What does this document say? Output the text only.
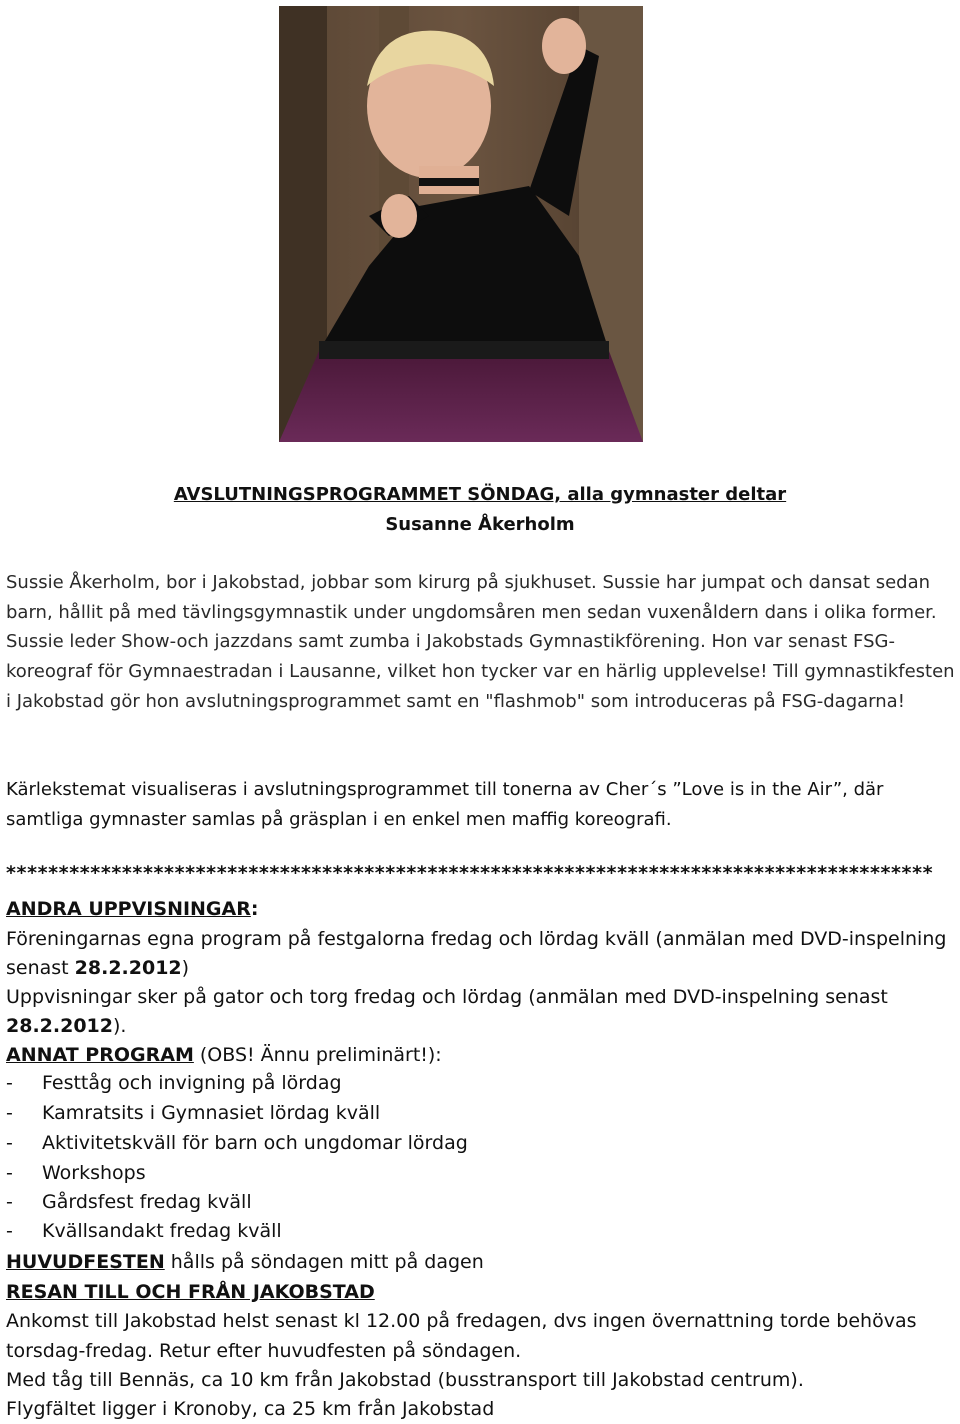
AVSLUTNINGSPROGRAMMET SÖNDAG, alla gymnaster deltar
Susanne Åkerholm
Sussie Åkerholm, bor i Jakobstad, jobbar som kirurg på sjukhuset. Sussie har jumpat och dansat sedan barn, hållit på med tävlingsgymnastik under ungdomsåren men sedan vuxenåldern dans i olika former. Sussie leder Show-och jazzdans samt zumba i Jakobstads Gymnastikförening. Hon var senast FSG-koreograf för Gymnaestradan i Lausanne, vilket hon tycker var en härlig upplevelse! Till gymnastikfesten i Jakobstad gör hon avslutningsprogrammet samt en "flashmob" som introduceras på FSG-dagarna!
Kärlekstemat visualiseras i avslutningsprogrammet till tonerna av Cher´s ”Love is in the Air”, där samtliga gymnaster samlas på gräsplan i en enkel men maffig koreografi.
****************************************************************************************
ANDRA UPPVISNINGAR:
Föreningarnas egna program på festgalorna fredag och lördag kväll (anmälan med DVD-inspelning
senast 28.2.2012)
Uppvisningar sker på gator och torg fredag och lördag (anmälan med DVD-inspelning senast
28.2.2012).
ANNAT PROGRAM (OBS! Ännu preliminärt!):
- Festtåg och invigning på lördag
- Kamratsits i Gymnasiet lördag kväll
- Aktivitetskväll för barn och ungdomar lördag
- Workshops
- Gårdsfest fredag kväll
- Kvällsandakt fredag kväll
HUVUDFESTEN hålls på söndagen mitt på dagen
RESAN TILL OCH FRÅN JAKOBSTAD
Ankomst till Jakobstad helst senast kl 12.00 på fredagen, dvs ingen övernattning torde behövas
torsdag-fredag. Retur efter huvudfesten på söndagen.
Med tåg till Bennäs, ca 10 km från Jakobstad (busstransport till Jakobstad centrum).
Flygfältet ligger i Kronoby, ca 25 km från Jakobstad
